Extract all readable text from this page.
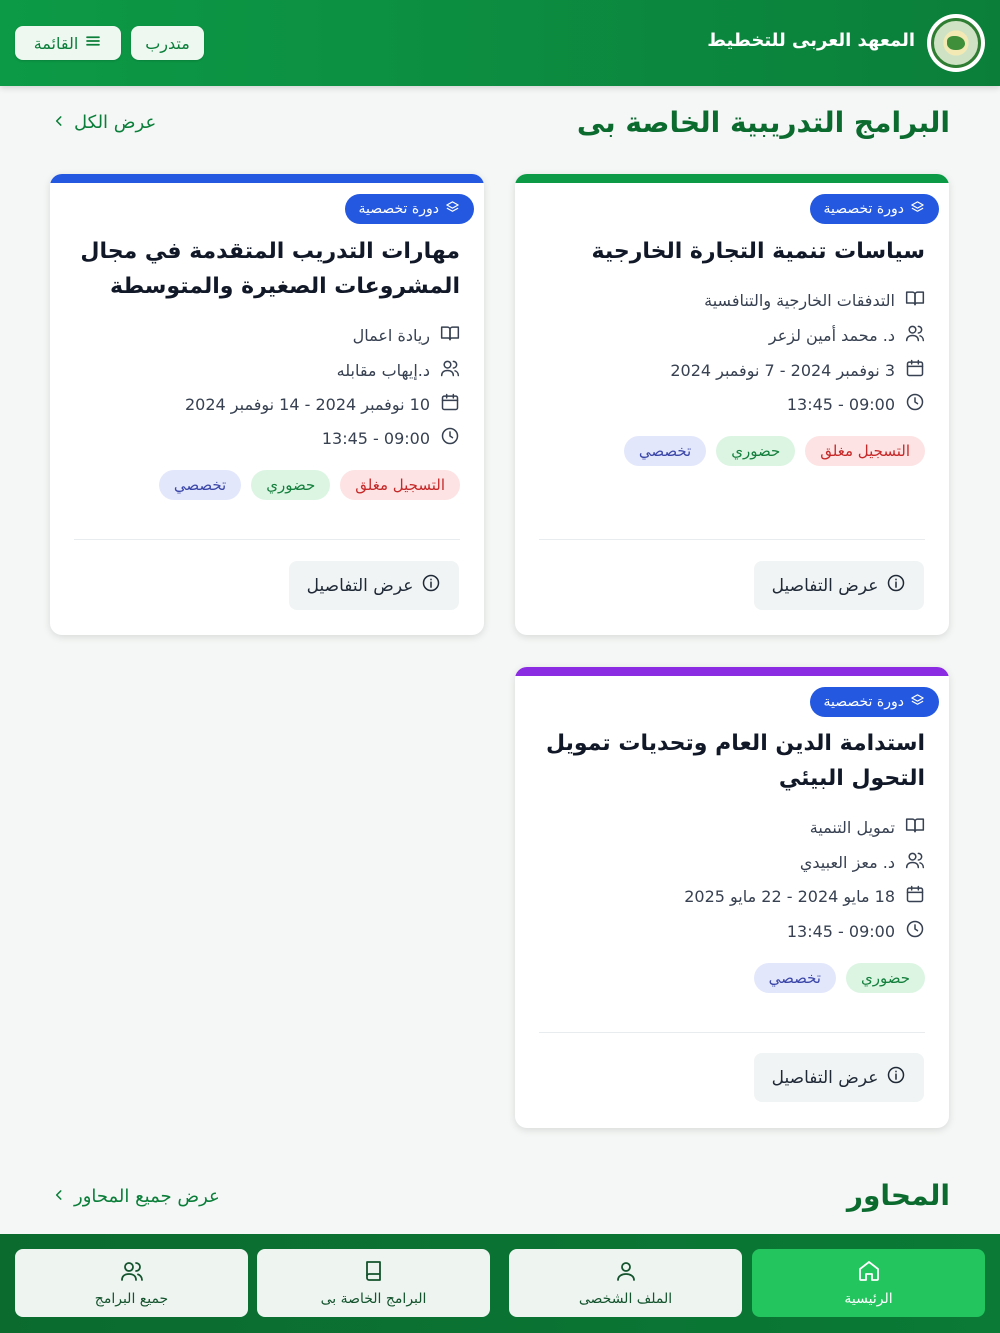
المعهد العربى للتخطيط
متدرب
القائمة
البرامج التدريبية الخاصة بى
عرض الكل
دورة تخصصية
سياسات تنمية التجارة الخارجية
التدفقات الخارجية والتنافسية
د. محمد أمين لزعر
3 نوفمبر 2024 - 7 نوفمبر 2024
09:00 - 13:45
التسجيل مغلق
حضوري
تخصصي
عرض التفاصيل
دورة تخصصية
مهارات التدريب المتقدمة في مجال المشروعات الصغيرة والمتوسطة
ريادة اعمال
د.إيهاب مقابله
10 نوفمبر 2024 - 14 نوفمبر 2024
09:00 - 13:45
التسجيل مغلق
حضوري
تخصصي
عرض التفاصيل
دورة تخصصية
استدامة الدين العام وتحديات تمويل التحول البيئي
تمويل التنمية
د. معز العبيدي
18 مايو 2024 - 22 مايو 2025
09:00 - 13:45
حضوري
تخصصي
عرض التفاصيل
المحاور
عرض جميع المحاور
الرئيسية
الملف الشخصى
البرامج الخاصة بى
جميع البرامج
